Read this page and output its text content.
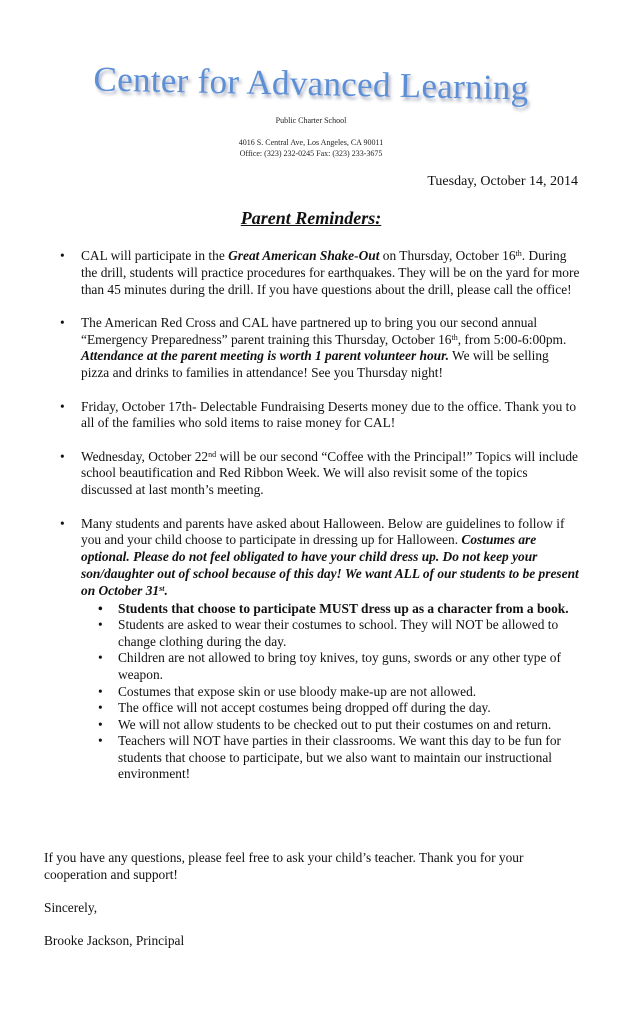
Center for Advanced Learning
Public Charter School
4016 S. Central Ave, Los Angeles, CA 90011
Office: (323) 232-0245 Fax: (323) 233-3675
Tuesday, October 14, 2014
Parent Reminders:
• CAL will participate in the Great American Shake-Out on Thursday, October 16th. During the drill, students will practice procedures for earthquakes. They will be on the yard for more than 45 minutes during the drill. If you have questions about the drill, please call the office!
• The American Red Cross and CAL have partnered up to bring you our second annual “Emergency Preparedness” parent training this Thursday, October 16th, from 5:00-6:00pm. Attendance at the parent meeting is worth 1 parent volunteer hour. We will be selling pizza and drinks to families in attendance! See you Thursday night!
• Friday, October 17th- Delectable Fundraising Deserts money due to the office. Thank you to all of the families who sold items to raise money for CAL!
• Wednesday, October 22nd will be our second “Coffee with the Principal!” Topics will include school beautification and Red Ribbon Week. We will also revisit some of the topics discussed at last month’s meeting.
• Many students and parents have asked about Halloween. Below are guidelines to follow if you and your child choose to participate in dressing up for Halloween. Costumes are optional. Please do not feel obligated to have your child dress up. Do not keep your son/daughter out of school because of this day! We want ALL of our students to be present on October 31st.
• Students that choose to participate MUST dress up as a character from a book.
• Students are asked to wear their costumes to school. They will NOT be allowed to change clothing during the day.
• Children are not allowed to bring toy knives, toy guns, swords or any other type of weapon.
• Costumes that expose skin or use bloody make-up are not allowed.
• The office will not accept costumes being dropped off during the day.
• We will not allow students to be checked out to put their costumes on and return.
• Teachers will NOT have parties in their classrooms. We want this day to be fun for students that choose to participate, but we also want to maintain our instructional environment!
If you have any questions, please feel free to ask your child’s teacher. Thank you for your cooperation and support!
Sincerely,
Brooke Jackson, Principal
